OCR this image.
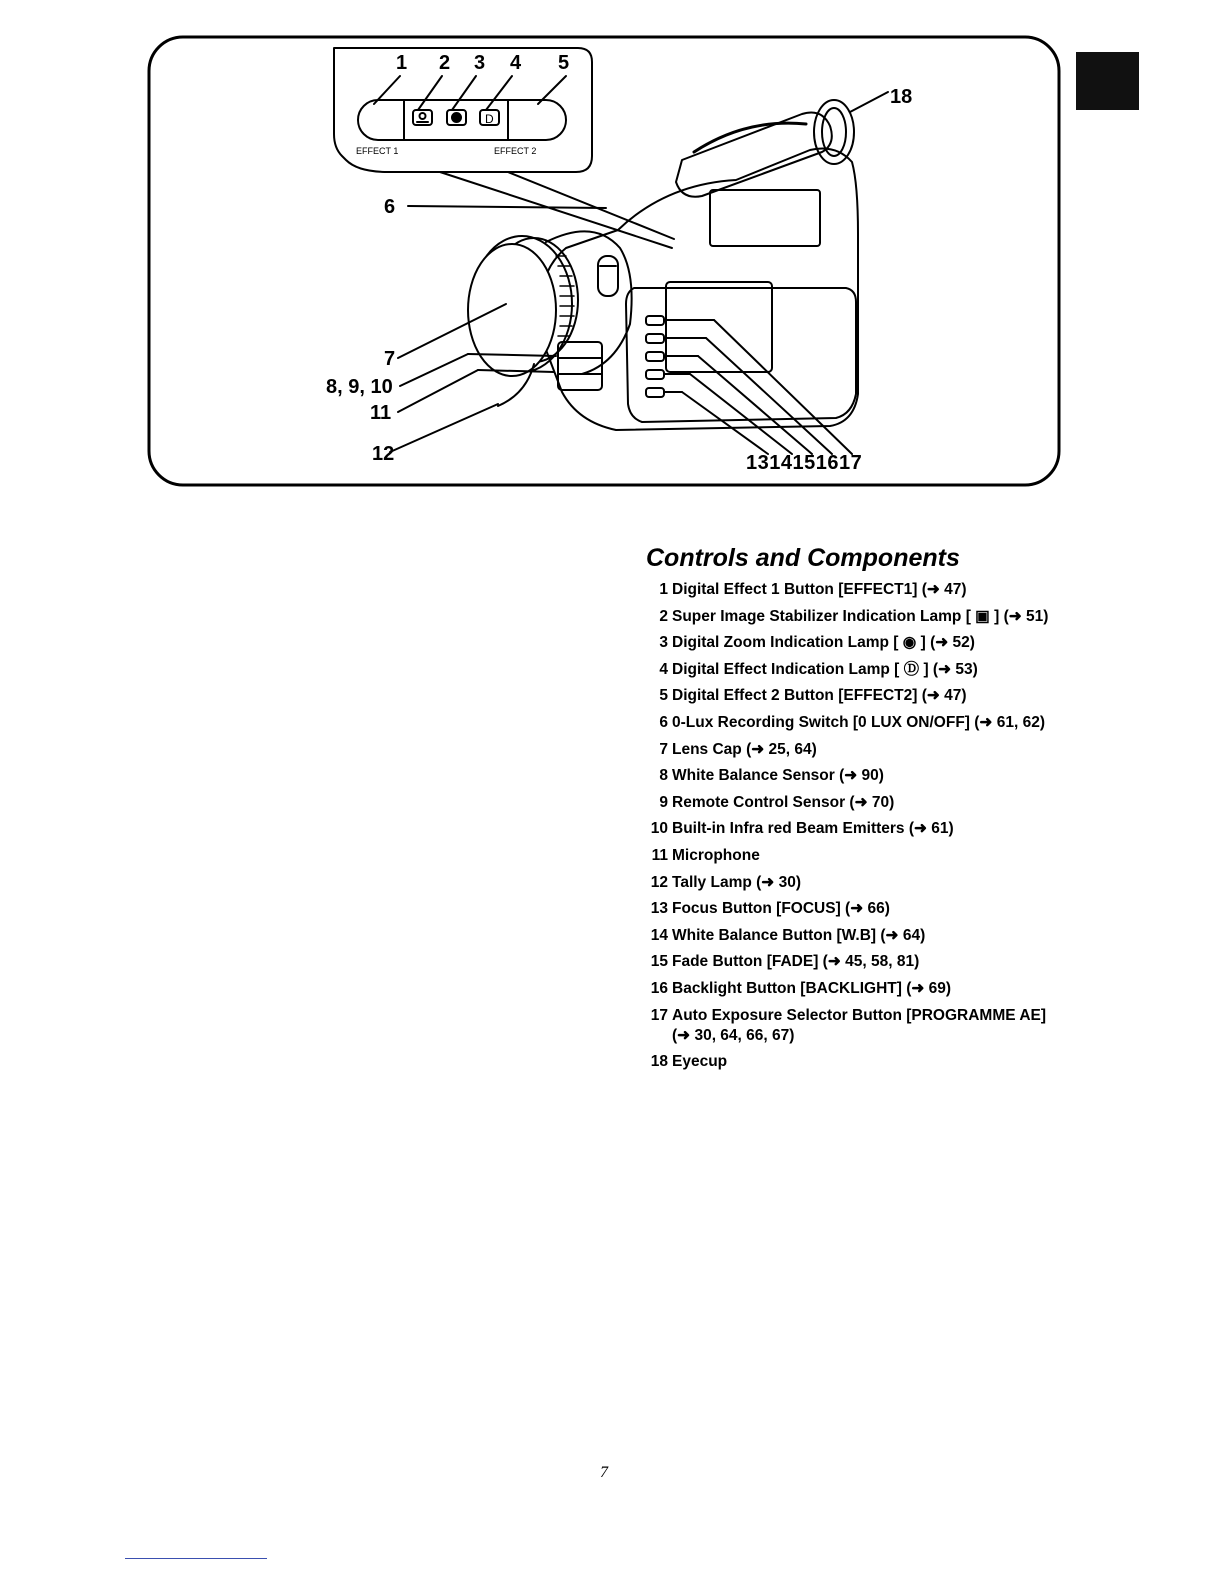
D
1 2 3 4 5
6
7
8, 9, 10
11
12	1314151617
18
EFFECT 1	EFFECT 2
Controls and Components
1 Digital Effect 1 Button [EFFECT1] (➜ 47)
2 Super Image Stabilizer Indication Lamp [ ▣ ] (➜ 51)
3 Digital Zoom Indication Lamp [ ◉ ] (➜ 52)
4 Digital Effect Indication Lamp [ Ⓓ ] (➜ 53)
5 Digital Effect 2 Button [EFFECT2] (➜ 47)
6 0-Lux Recording Switch [0 LUX ON/OFF] (➜ 61, 62)
7 Lens Cap (➜ 25, 64)
8 White Balance Sensor (➜ 90)
9 Remote Control Sensor (➜ 70)
10 Built-in Infra red Beam Emitters (➜ 61)
11 Microphone
12 Tally Lamp (➜ 30)
13 Focus Button [FOCUS] (➜ 66)
14 White Balance Button [W.B] (➜ 64)
15 Fade Button [FADE] (➜ 45, 58, 81)
16 Backlight Button [BACKLIGHT] (➜ 69)
17 Auto Exposure Selector Button [PROGRAMME AE] (➜ 30, 64, 66, 67)
18 Eyecup
7
